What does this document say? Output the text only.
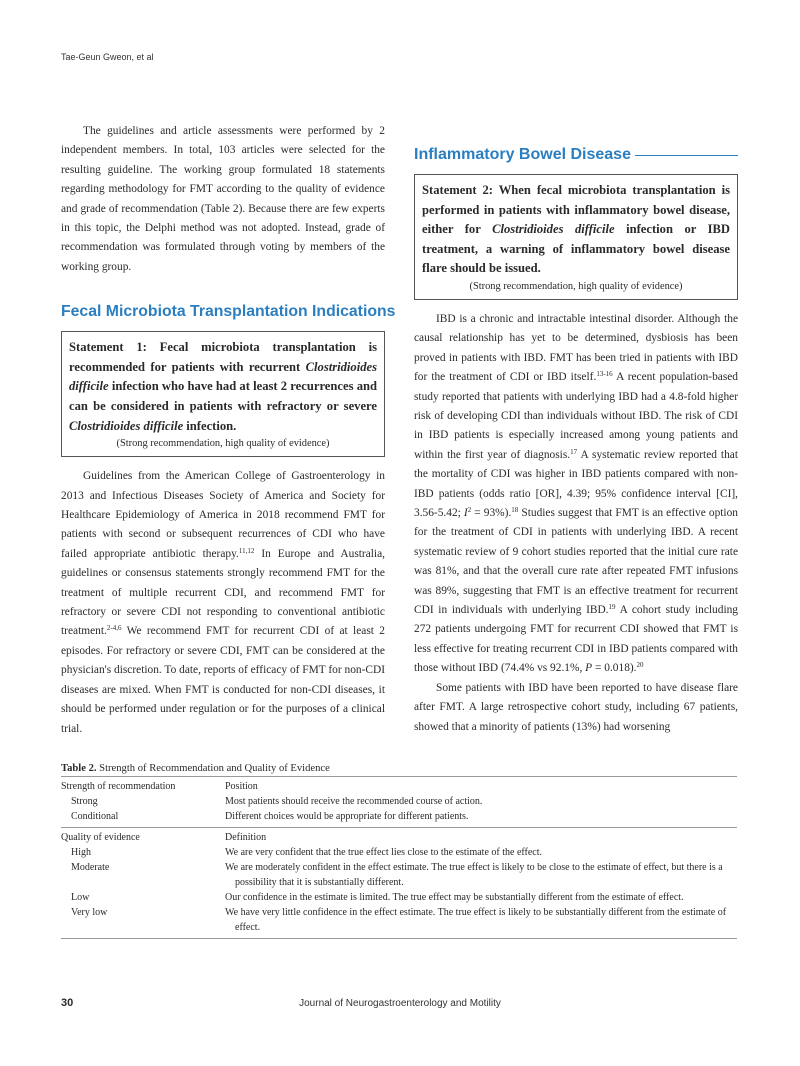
Tae-Geun Gweon, et al

The guidelines and article assessments were performed by 2 independent members. In total, 103 articles were selected for the resulting guideline. The working group formulated 18 statements regarding methodology for FMT according to the quality of evidence and grade of recommendation (Table 2). Because there are few experts in this topic, the Delphi method was not adopted. Instead, grade of recommendation was formulated through voting by members of the working group.

Fecal Microbiota Transplantation Indications

Statement 1: Fecal microbiota transplantation is recommended for patients with recurrent Clostridioides difficile infection who have had at least 2 recurrences and can be considered in patients with refractory or severe Clostridioides difficile infection.

(Strong recommendation, high quality of evidence)

Guidelines from the American College of Gastroenterology in 2013 and Infectious Diseases Society of America and Society for Healthcare Epidemiology of America in 2018 recommend FMT for patients with second or subsequent recurrences of CDI who have failed appropriate antibiotic therapy.$^{11,12}$ In Europe and Australia, guidelines or consensus statements strongly recommend FMT for the treatment of multiple recurrent CDI, and recommend FMT for refractory or severe CDI not responding to conventional antibiotic treatment.$^{2-4,6}$ We recommend FMT for recurrent CDI of at least 2 episodes. For refractory or severe CDI, FMT can be considered at the physician's discretion. To date, reports of efficacy of FMT for non-CDI diseases are mixed. When FMT is conducted for non-CDI diseases, it should be performed under regulation or for the purposes of a clinical trial.

Inflammatory Bowel Disease

Statement 2: When fecal microbiota transplantation is performed in patients with inflammatory bowel disease, either for Clostridioides difficile infection or IBD treatment, a warning of inflammatory bowel disease flare should be issued.

(Strong recommendation, high quality of evidence)

IBD is a chronic and intractable intestinal disorder. Although the causal relationship has yet to be determined, dysbiosis has been proved in patients with IBD. FMT has been tried in patients with IBD for the treatment of CDI or IBD itself.$^{13-16}$ A recent population-based study reported that patients with underlying IBD had a 4.8-fold higher risk of developing CDI than individuals without IBD. The risk of CDI in IBD patients is especially increased among young patients and within the first year of diagnosis.$^{17}$ A systematic review reported that the mortality of CDI was higher in IBD patients compared with non-IBD patients (odds ratio [OR], 4.39; 95% confidence interval [CI], 3.56-5.42; $I^2 = 93\%).^{18}$ Studies suggest that FMT is an effective option for the treatment of CDI in patients with underlying IBD. A recent systematic review of 9 cohort studies reported that the initial cure rate was 81%, and that the overall cure rate after repeated FMT infusions was 89%, suggesting that FMT is an effective treatment for recurrent CDI in individuals with underlying IBD.$^{19}$ A cohort study including 272 patients undergoing FMT for recurrent CDI showed that FMT is less effective for treating recurrent CDI in IBD patients compared with those without IBD (74.4% vs 92.1%, P = 0.018).$^{20}$

Some patients with IBD have been reported to have disease flare after FMT. A large retrospective cohort study, including 67 patients, showed that a minority of patients (13%) had worsening

Table 2. Strength of Recommendation and Quality of Evidence
Strength of recommendation	Position
Strong	Most patients should receive the recommended course of action.
Conditional	Different choices would be appropriate for different patients.
Quality of evidence	Definition
High	We are very confident that the true effect lies close to the estimate of the effect.
Moderate	We are moderately confident in the effect estimate. The true effect is likely to be close to the estimate of effect, but there is a possibility that it is substantially different.
Low	Our confidence in the estimate is limited. The true effect may be substantially different from the estimate of effect.
Very low	We have very little confidence in the effect estimate. The true effect is likely to be substantially different from the estimate of effect.
30	Journal of Neurogastroenterology and Motility
